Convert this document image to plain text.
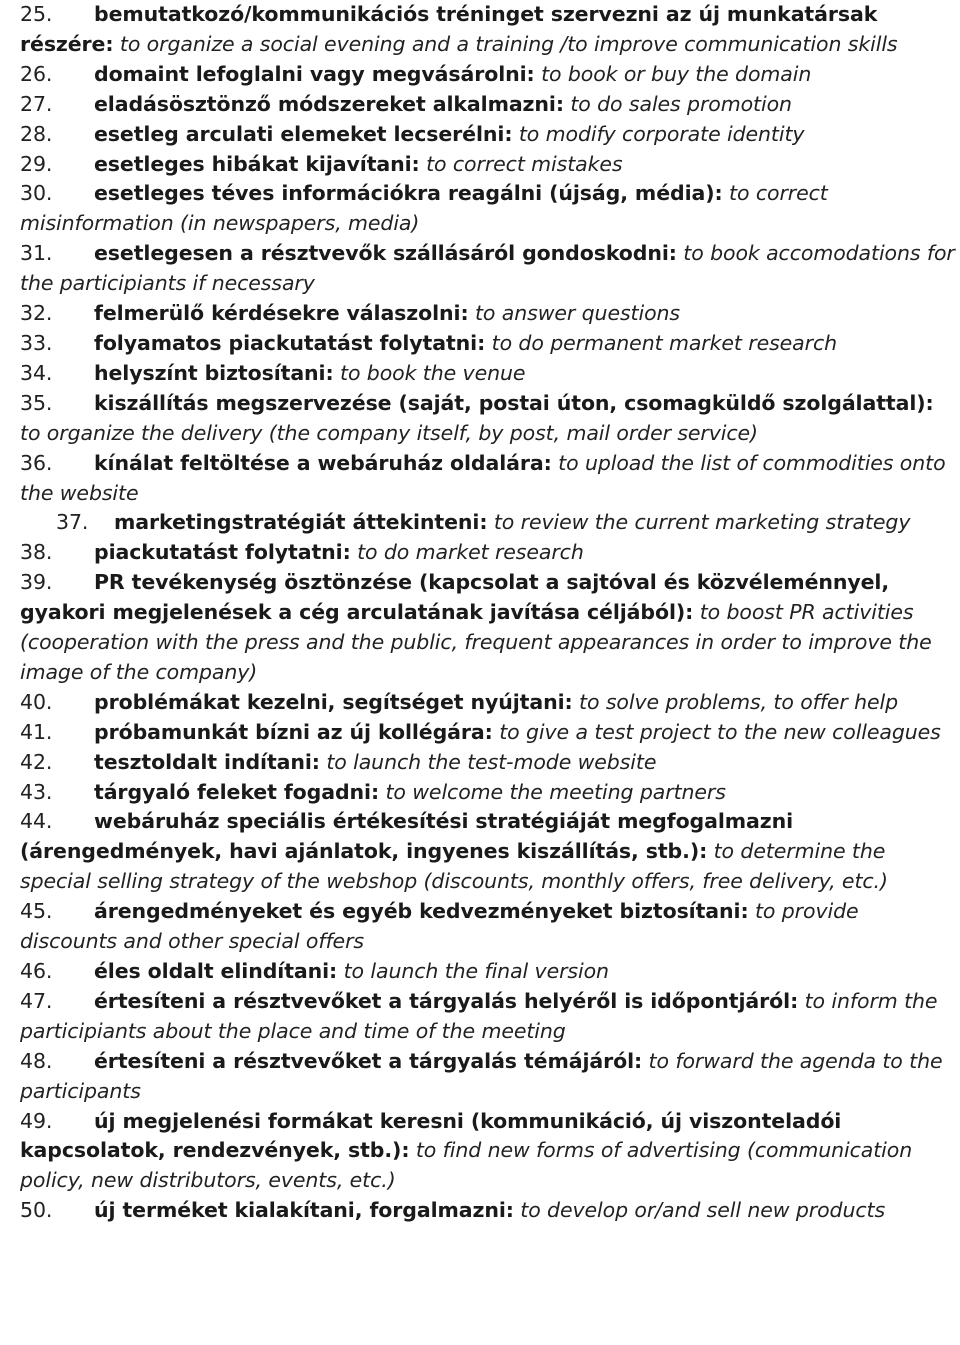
25. bemutatkozó/kommunikációs tréninget szervezni az új munkatársak részére: to organize a social evening and a training /to improve communication skills
26. domaint lefoglalni vagy megvásárolni: to book or buy the domain
27. eladásösztönző módszereket alkalmazni: to do sales promotion
28. esetleg arculati elemeket lecserélni: to modify corporate identity
29. esetleges hibákat kijavítani: to correct mistakes
30. esetleges téves információkra reagálni (újság, média): to correct misinformation (in newspapers, media)
31. esetlegesen a résztvevők szállásáról gondoskodni: to book accomodations for the participiants if necessary
32. felmerülő kérdésekre válaszolni: to answer questions
33. folyamatos piackutatást folytatni: to do permanent market research
34. helyszínt biztosítani: to book the venue
35. kiszállítás megszervezése (saját, postai úton, csomagküldő szolgálattal): to organize the delivery (the company itself, by post, mail order service)
36. kínálat feltöltése a webáruház oldalára: to upload the list of commodities onto the website
37. marketingstratégiát áttekinteni: to review the current marketing strategy
38. piackutatást folytatni: to do market research
39. PR tevékenység ösztönzése (kapcsolat a sajtóval és közvéleménnyel, gyakori megjelenések a cég arculatának javítása céljából): to boost PR activities (cooperation with the press and the public, frequent appearances in order to improve the image of the company)
40. problémákat kezelni, segítséget nyújtani: to solve problems, to offer help
41. próbamunkát bízni az új kollégára: to give a test project to the new colleagues
42. tesztoldalt indítani: to launch the test-mode website
43. tárgyaló feleket fogadni: to welcome the meeting partners
44. webáruház speciális értékesítési stratégiáját megfogalmazni (árengedmények, havi ajánlatok, ingyenes kiszállítás, stb.): to determine the special selling strategy of the webshop (discounts, monthly offers, free delivery, etc.)
45. árengedményeket és egyéb kedvezményeket biztosítani: to provide discounts and other special offers
46. éles oldalt elindítani: to launch the final version
47. értesíteni a résztvevőket a tárgyalás helyéről is időpontjáról: to inform the participiants about the place and time of the meeting
48. értesíteni a résztvevőket a tárgyalás témájáról: to forward the agenda to the participants
49. új megjelenési formákat keresni (kommunikáció, új viszonteladói kapcsolatok, rendezvények, stb.): to find new forms of advertising (communication policy, new distributors, events, etc.)
50. új terméket kialakítani, forgalmazni: to develop or/and sell new products
